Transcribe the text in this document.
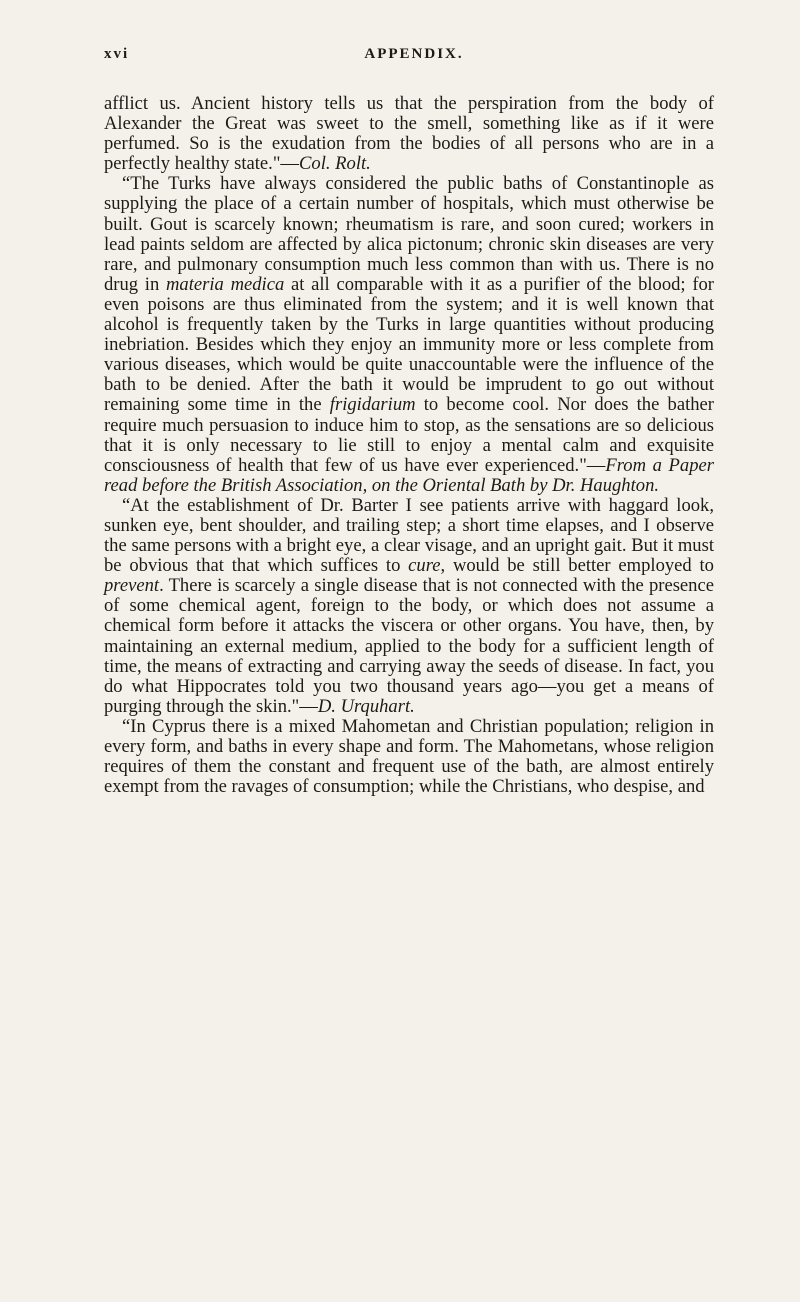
xvi	APPENDIX.

afflict us. Ancient history tells us that the perspiration from the body of Alexander the Great was sweet to the smell, something like as if it were perfumed. So is the exudation from the bodies of all persons who are in a perfectly healthy state."—Col. Rolt.

“The Turks have always considered the public baths of Constantinople as supplying the place of a certain number of hospitals, which must otherwise be built. Gout is scarcely known; rheumatism is rare, and soon cured; workers in lead paints seldom are affected by alica pictonum; chronic skin diseases are very rare, and pulmonary consumption much less common than with us. There is no drug in materia medica at all comparable with it as a purifier of the blood; for even poisons are thus eliminated from the system; and it is well known that alcohol is frequently taken by the Turks in large quantities without producing inebriation. Besides which they enjoy an immunity more or less complete from various diseases, which would be quite unaccountable were the influence of the bath to be denied. After the bath it would be imprudent to go out without remaining some time in the frigidarium to become cool. Nor does the bather require much persuasion to induce him to stop, as the sensations are so delicious that it is only necessary to lie still to enjoy a mental calm and exquisite consciousness of health that few of us have ever experienced."—From a Paper read before the British Association, on the Oriental Bath by Dr. Haughton.

“At the establishment of Dr. Barter I see patients arrive with haggard look, sunken eye, bent shoulder, and trailing step; a short time elapses, and I observe the same persons with a bright eye, a clear visage, and an upright gait. But it must be obvious that that which suffices to cure, would be still better employed to prevent. There is scarcely a single disease that is not connected with the presence of some chemical agent, foreign to the body, or which does not assume a chemical form before it attacks the viscera or other organs. You have, then, by maintaining an external medium, applied to the body for a sufficient length of time, the means of extracting and carrying away the seeds of disease. In fact, you do what Hippocrates told you two thousand years ago—you get a means of purging through the skin."—D. Urquhart.

“In Cyprus there is a mixed Mahometan and Christian population; religion in every form, and baths in every shape and form. The Mahometans, whose religion requires of them the constant and frequent use of the bath, are almost entirely exempt from the ravages of consumption; while the Christians, who despise, and
